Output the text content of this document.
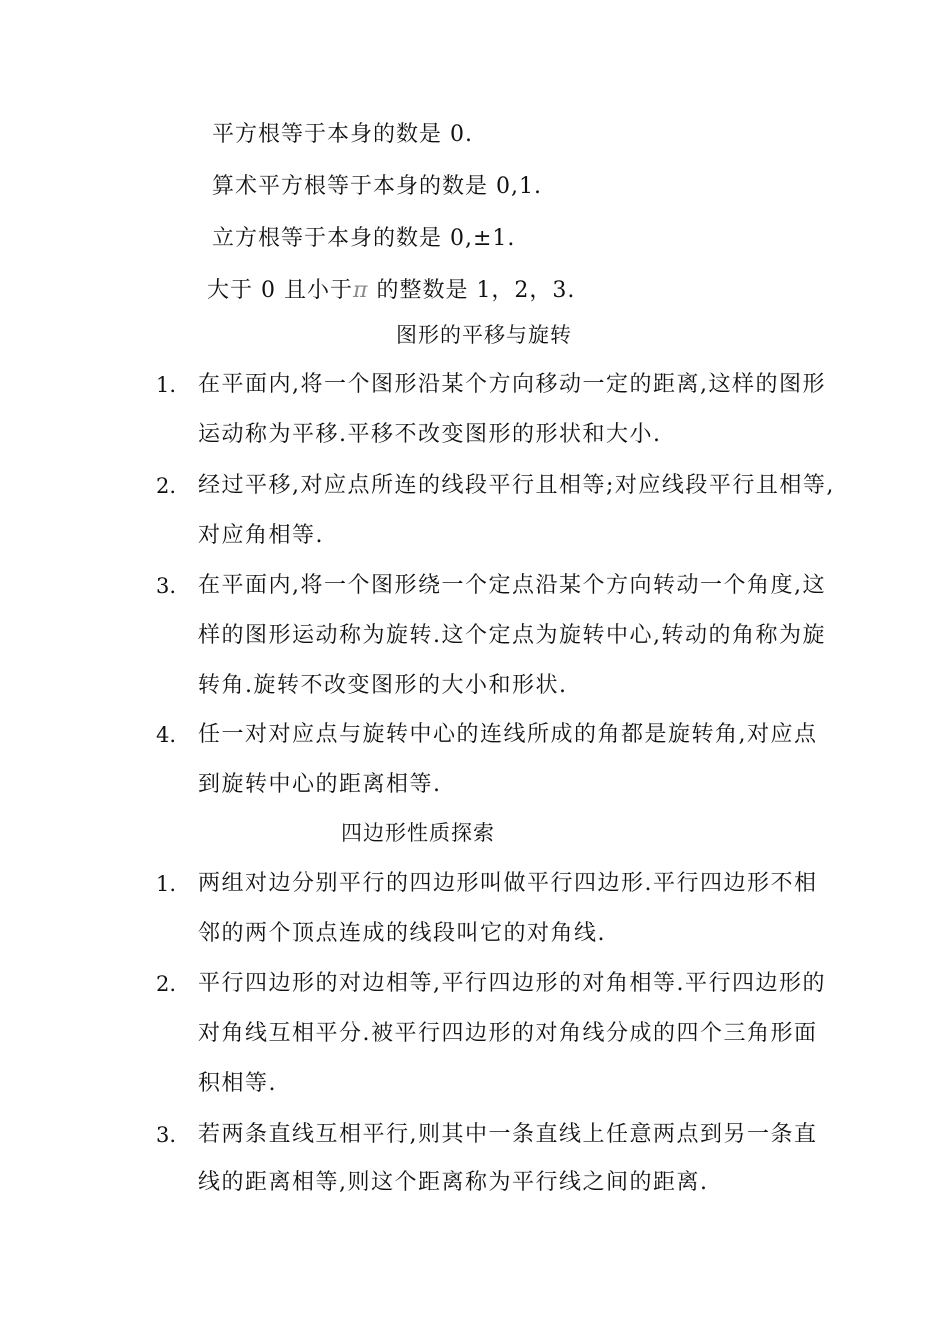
平方根等于本身的数是 0.
算术平方根等于本身的数是 0,1.
立方根等于本身的数是 0,±1.
大于 0 且小于π 的整数是 1，2，3.
图形的平移与旋转
1. 在平面内,将一个图形沿某个方向移动一定的距离,这样的图形
运动称为平移.平移不改变图形的形状和大小.
2. 经过平移,对应点所连的线段平行且相等;对应线段平行且相等,
对应角相等.
3. 在平面内,将一个图形绕一个定点沿某个方向转动一个角度,这
样的图形运动称为旋转.这个定点为旋转中心,转动的角称为旋
转角.旋转不改变图形的大小和形状.
4. 任一对对应点与旋转中心的连线所成的角都是旋转角,对应点
到旋转中心的距离相等.
四边形性质探索
1. 两组对边分别平行的四边形叫做平行四边形.平行四边形不相
邻的两个顶点连成的线段叫它的对角线.
2. 平行四边形的对边相等,平行四边形的对角相等.平行四边形的
对角线互相平分.被平行四边形的对角线分成的四个三角形面
积相等.
3. 若两条直线互相平行,则其中一条直线上任意两点到另一条直
线的距离相等,则这个距离称为平行线之间的距离.
